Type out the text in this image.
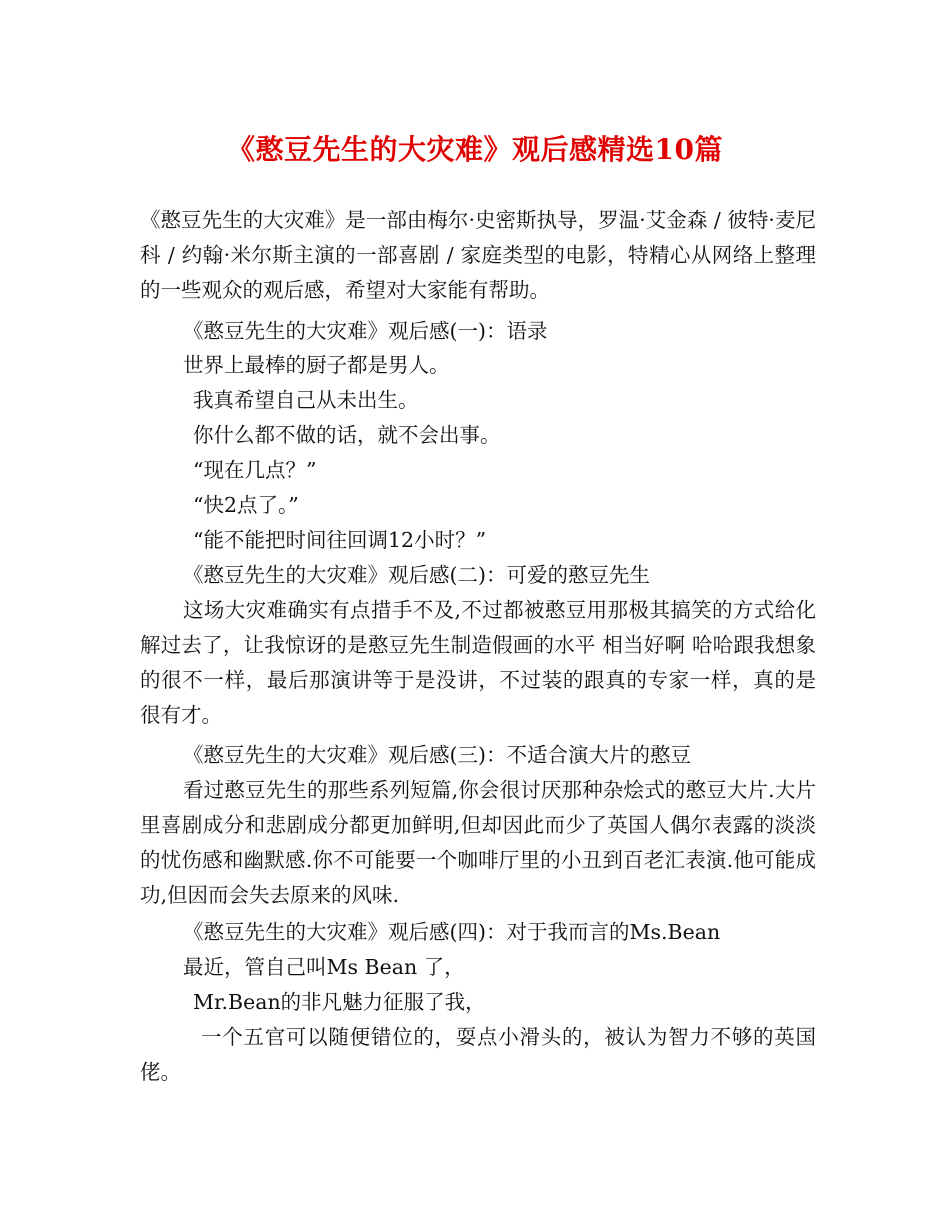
《憨豆先生的大灾难》观后感精选10篇
《憨豆先生的大灾难》是一部由梅尔·史密斯执导，罗温·艾金森 / 彼特·麦尼科 / 约翰·米尔斯主演的一部喜剧 / 家庭类型的电影，特精心从网络上整理的一些观众的观后感，希望对大家能有帮助。
《憨豆先生的大灾难》观后感(一)：语录
世界上最棒的厨子都是男人。
我真希望自己从未出生。
你什么都不做的话，就不会出事。
“现在几点？”
“快2点了。”
“能不能把时间往回调12小时？”
《憨豆先生的大灾难》观后感(二)：可爱的憨豆先生
这场大灾难确实有点措手不及,不过都被憨豆用那极其搞笑的方式给化解过去了，让我惊讶的是憨豆先生制造假画的水平 相当好啊 哈哈跟我想象的很不一样，最后那演讲等于是没讲，不过装的跟真的专家一样，真的是很有才。
《憨豆先生的大灾难》观后感(三)：不适合演大片的憨豆
看过憨豆先生的那些系列短篇,你会很讨厌那种杂烩式的憨豆大片.大片里喜剧成分和悲剧成分都更加鲜明,但却因此而少了英国人偶尔表露的淡淡的忧伤感和幽默感.你不可能要一个咖啡厅里的小丑到百老汇表演.他可能成功,但因而会失去原来的风味.
《憨豆先生的大灾难》观后感(四)：对于我而言的Ms.Bean
最近，管自己叫Ms Bean 了，
Mr.Bean的非凡魅力征服了我，
一个五官可以随便错位的，耍点小滑头的，被认为智力不够的英国佬。
